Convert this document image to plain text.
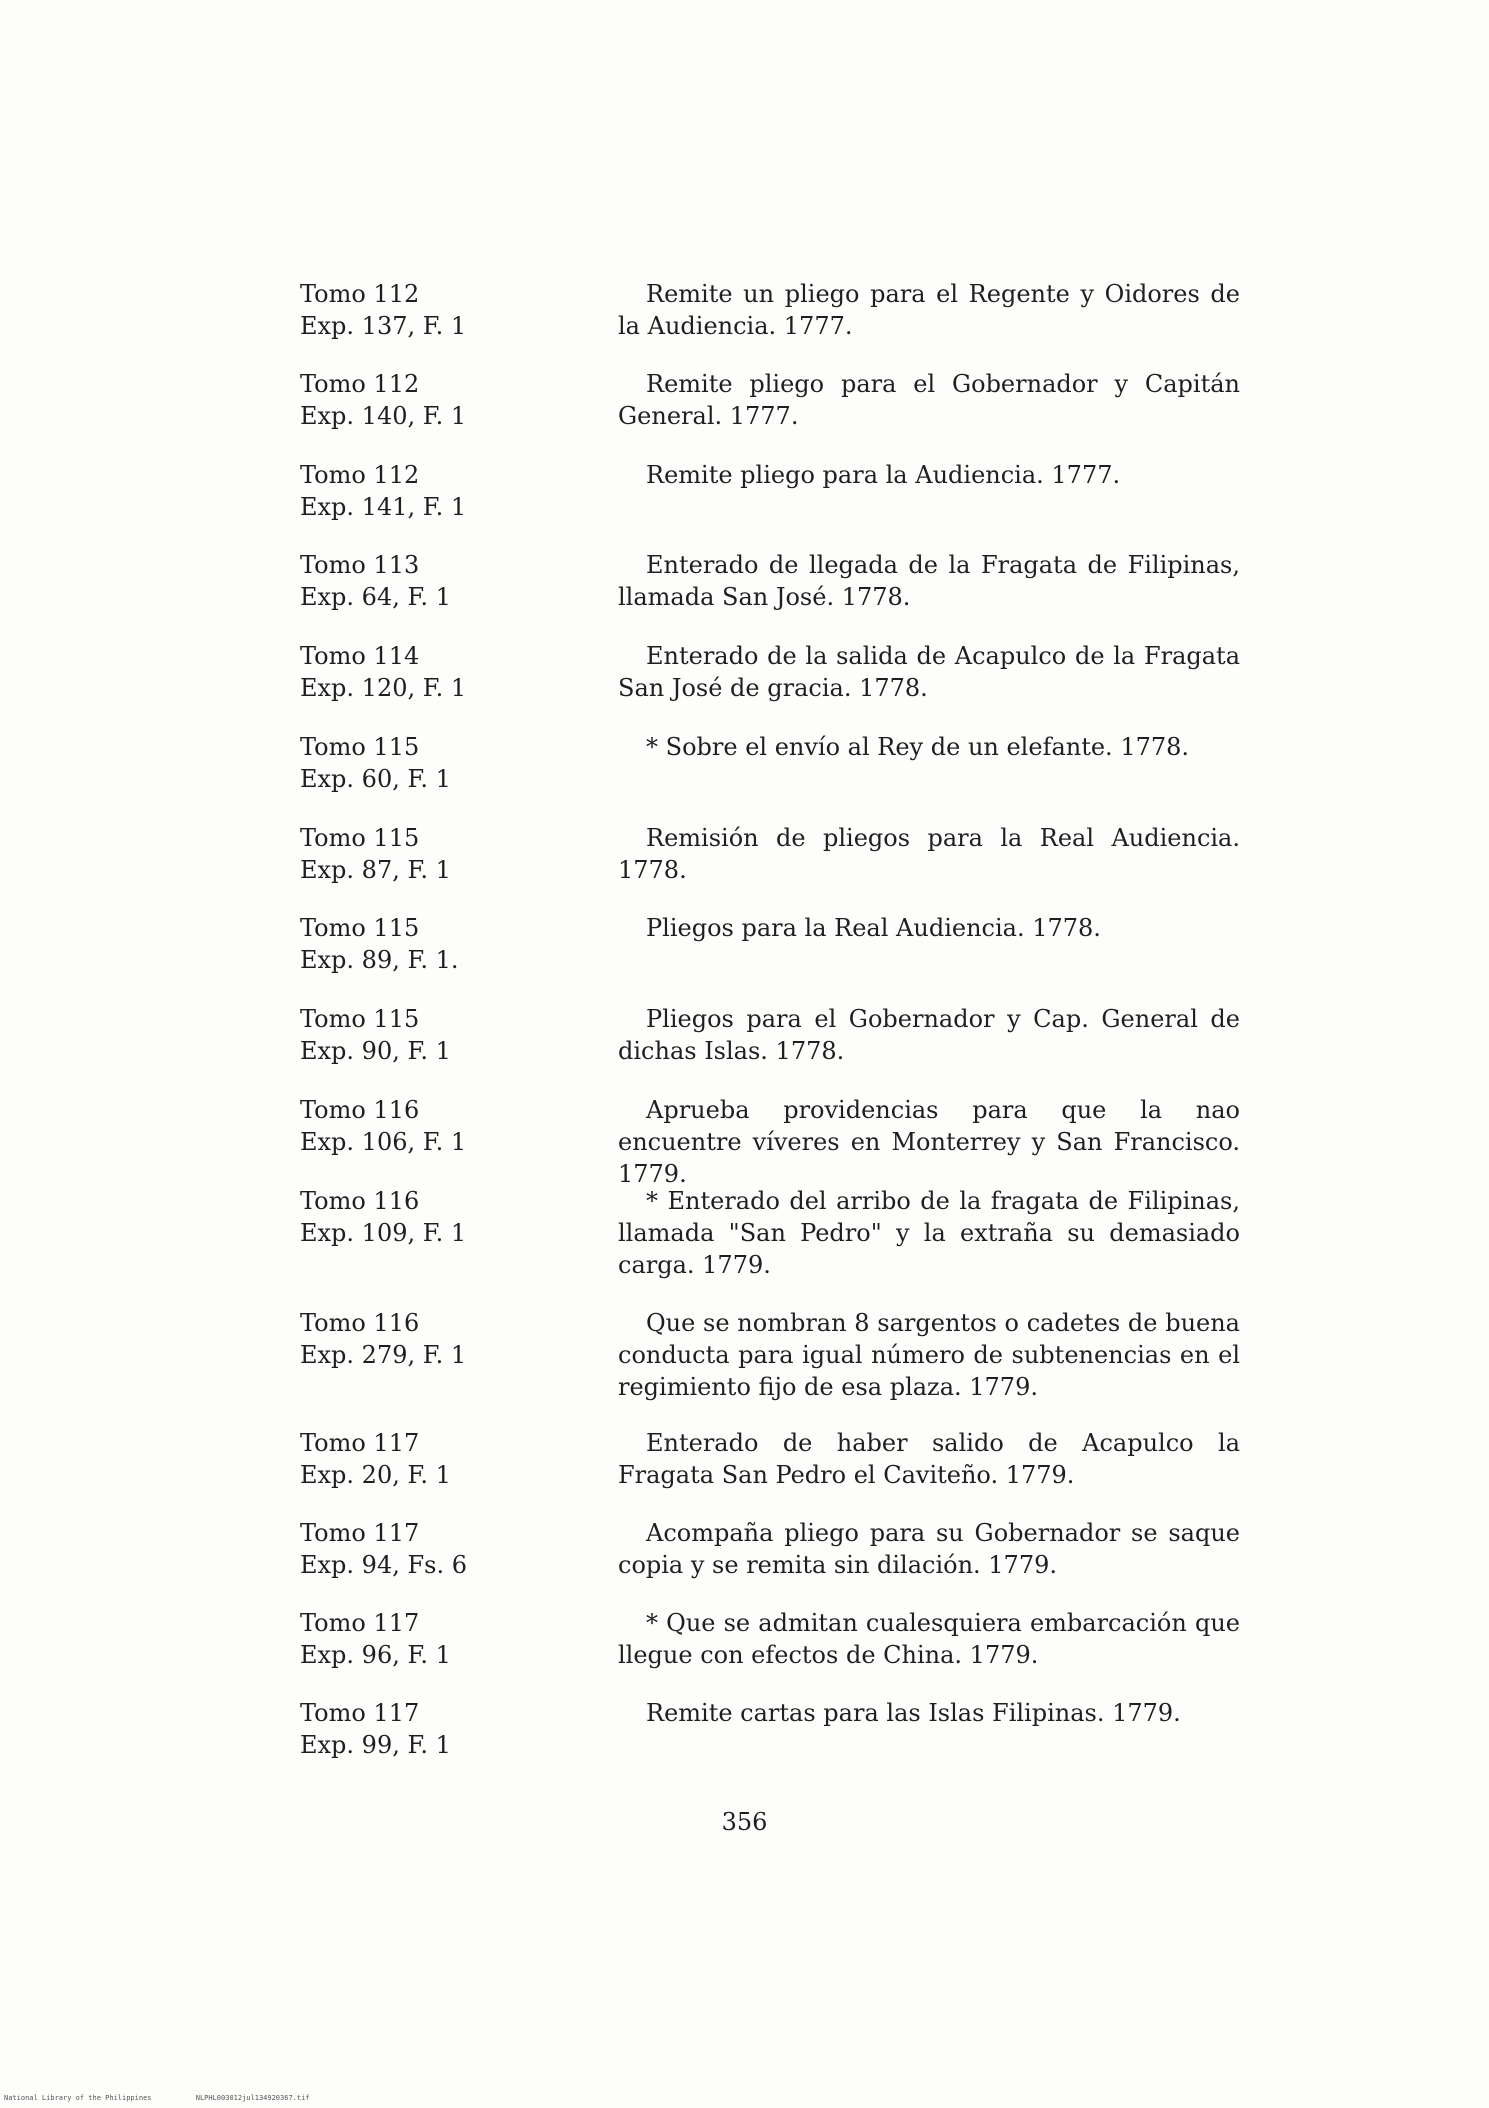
Tomo 112
Exp. 137, F. 1
Remite un pliego para el Regente y Oidores de la Audiencia. 1777.
Tomo 112
Exp. 140, F. 1
Remite pliego para el Gobernador y Capitán General. 1777.
Tomo 112
Exp. 141, F. 1
Remite pliego para la Audiencia. 1777.
Tomo 113
Exp. 64, F. 1
Enterado de llegada de la Fragata de Filipinas, llamada San José. 1778.
Tomo 114
Exp. 120, F. 1
Enterado de la salida de Acapulco de la Fragata San José de gracia. 1778.
Tomo 115
Exp. 60, F. 1
* Sobre el envío al Rey de un elefante. 1778.
Tomo 115
Exp. 87, F. 1
Remisión de pliegos para la Real Audiencia. 1778.
Tomo 115
Exp. 89, F. 1.
Pliegos para la Real Audiencia. 1778.
Tomo 115
Exp. 90, F. 1
Pliegos para el Gobernador y Cap. General de dichas Islas. 1778.
Tomo 116
Exp. 106, F. 1
Aprueba providencias para que la nao encuentre víveres en Monterrey y San Francisco. 1779.
Tomo 116
Exp. 109, F. 1
* Enterado del arribo de la fragata de Filipinas, llamada "San Pedro" y la extraña su demasiado carga. 1779.
Tomo 116
Exp. 279, F. 1
Que se nombran 8 sargentos o cadetes de buena conducta para igual número de subtenencias en el regimiento fijo de esa plaza. 1779.
Tomo 117
Exp. 20, F. 1
Enterado de haber salido de Acapulco la Fragata San Pedro el Caviteño. 1779.
Tomo 117
Exp. 94, Fs. 6
Acompaña pliego para su Gobernador se saque copia y se remita sin dilación. 1779.
Tomo 117
Exp. 96, F. 1
* Que se admitan cualesquiera embarcación que llegue con efectos de China. 1779.
Tomo 117
Exp. 99, F. 1
Remite cartas para las Islas Filipinas. 1779.
356
National Library of the Philippines	NLPHL003012jul134920367.tif
